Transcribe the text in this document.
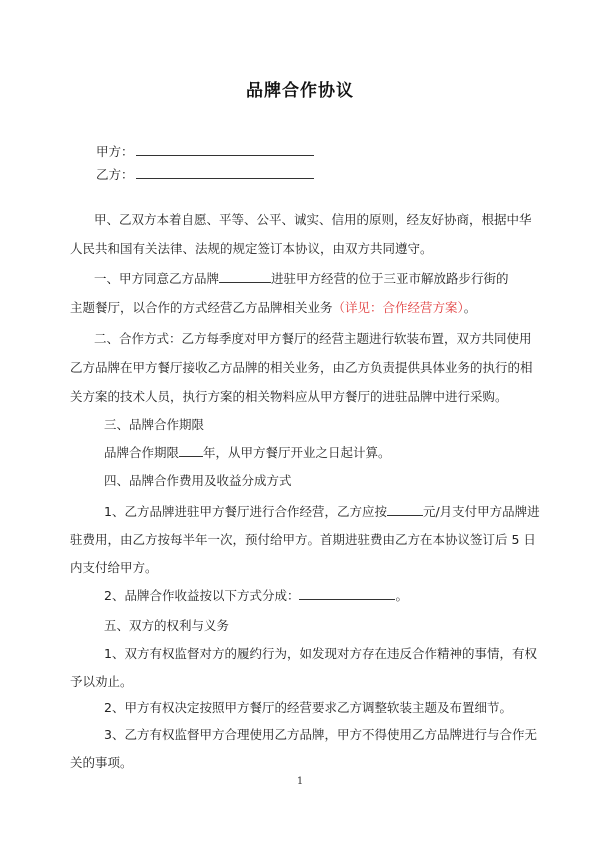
品牌合作协议
甲方：
乙方：
甲、乙双方本着自愿、平等、公平、诚实、信用的原则，经友好协商，根据中华
人民共和国有关法律、法规的规定签订本协议，由双方共同遵守。
一、甲方同意乙方品牌	进驻甲方经营的位于三亚市解放路步行街的
主题餐厅，以合作的方式经营乙方品牌相关业务（详见：合作经营方案）。
二、合作方式：乙方每季度对甲方餐厅的经营主题进行软装布置，双方共同使用
乙方品牌在甲方餐厅接收乙方品牌的相关业务，由乙方负责提供具体业务的执行的相
关方案的技术人员，执行方案的相关物料应从甲方餐厅的进驻品牌中进行采购。
三、品牌合作期限
品牌合作期限 年，从甲方餐厅开业之日起计算。
四、品牌合作费用及收益分成方式
1、乙方品牌进驻甲方餐厅进行合作经营，乙方应按	元/月支付甲方品牌进
驻费用，由乙方按每半年一次，预付给甲方。首期进驻费由乙方在本协议签订后 5 日
内支付给甲方。
2、品牌合作收益按以下方式分成：	。
五、双方的权利与义务
1、双方有权监督对方的履约行为，如发现对方存在违反合作精神的事情，有权
予以劝止。
2、甲方有权决定按照甲方餐厅的经营要求乙方调整软装主题及布置细节。
3、乙方有权监督甲方合理使用乙方品牌，甲方不得使用乙方品牌进行与合作无
关的事项。
1
